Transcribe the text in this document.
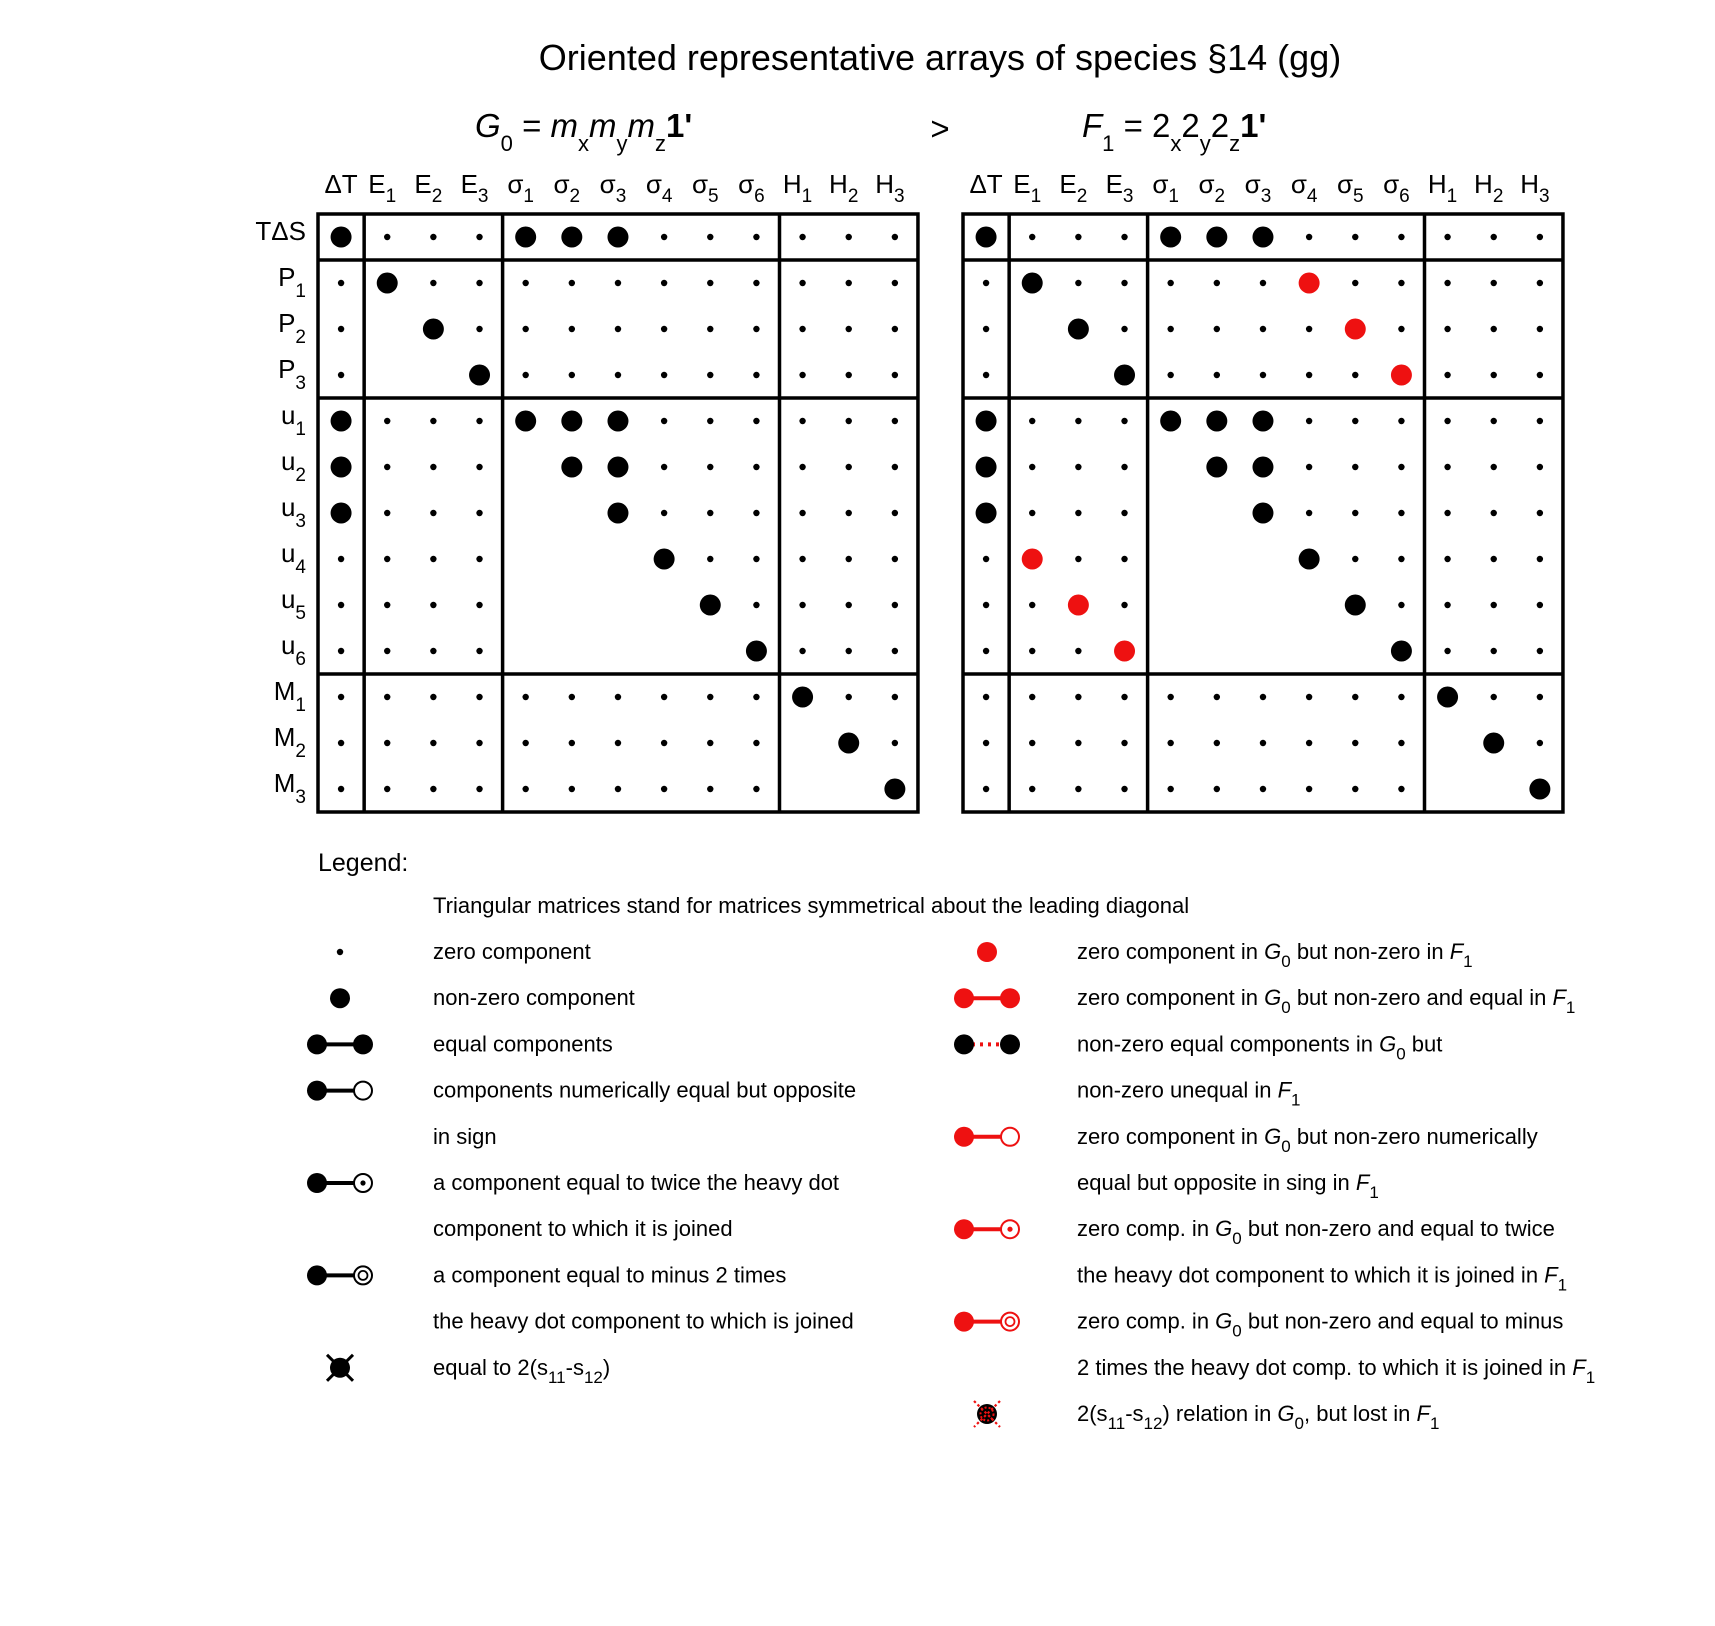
Oriented representative arrays of species §14 (gg)
>
$G_0 = m_xm_ym_z1'$	$F_1 = 2_x2_y2_z1'$
ΔT $E_1$ $E_2$ $E_3$ $\sigma_1$ $\sigma_2$ $\sigma_3$ $\sigma_4$ $\sigma_5$ $\sigma_6$ $H_1$ $H_2$ $H_3$
TΔS
$P_1$
$P_2$
$P_3$
$u_1$
$u_2$
$u_3$
$u_4$
$u_5$
$u_6$
$M_1$
$M_2$
$M_3$
ΔT $E_1$ $E_2$ $E_3$ $\sigma_1$ $\sigma_2$ $\sigma_3$ $\sigma_4$ $\sigma_5$ $\sigma_6$ $H_1$ $H_2$ $H_3$
Legend:
Triangular matrices stand for matrices symmetrical about the leading diagonal
zero component
non-zero component
equal components
components numerically equal but opposite
in sign
a component equal to twice the heavy dot
component to which it is joined
a component equal to minus 2 times
the heavy dot component to which is joined
equal to $2(s_{11}-s_{12})$
zero component in $G_0$ but non-zero in $F_1$
zero component in $G_0$ but non-zero and equal in $F_1$
non-zero equal components in $G_0$ but
non-zero unequal in $F_1$
zero component in $G_0$ but non-zero numerically
equal but opposite in sing in $F_1$
zero comp. in $G_0$ but non-zero and equal to twice
the heavy dot component to which it is joined in $F_1$
zero comp. in $G_0$ but non-zero and equal to minus
2 times the heavy dot comp. to which it is joined in $F_1$
$2(s_{11}-s_{12})$ relation in $G_0$, but lost in $F_1$
